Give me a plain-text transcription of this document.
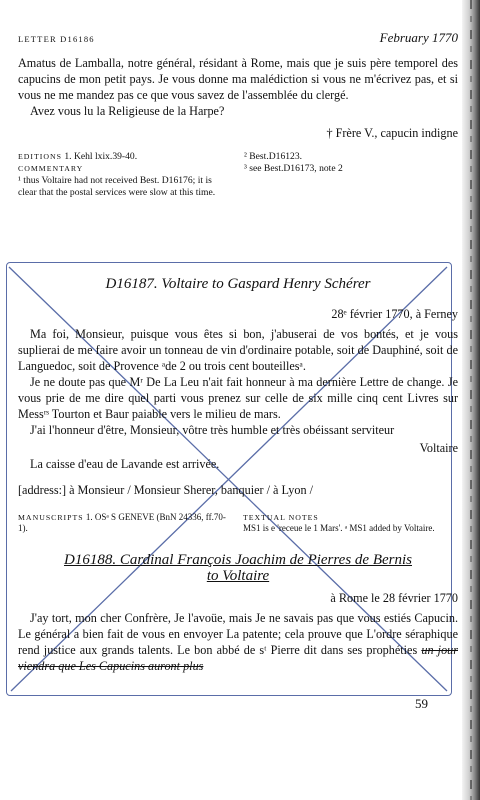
LETTER D16186	February 1770

Amatus de Lamballa, notre général, résidant à Rome, mais que je suis père temporel des capucins de mon petit pays. Je vous donne ma malédiction si vous ne m'écrivez pas, et si vous ne me mandez pas ce que vous savez de l'assemblée du clergé.

Avez vous lu la Religieuse de la Harpe?

† Frère V., capucin indigne

EDITIONS 1. Kehl lxix.39-40.
COMMENTARY
¹ thus Voltaire had not received Best. D16176; it is clear that the postal services were slow at this time.
² Best.D16123.
³ see Best.D16173, note 2
D16187. Voltaire to Gaspard Henry Schérer
28ᵉ février 1770, à Ferney

Ma foi, Monsieur, puisque vous êtes si bon, j'abuserai de vos bontés, et je vous suplierai de me faire avoir un tonneau de vin d'ordinaire potable, soit de Dauphiné, soit de Languedoc, soit de Provence ᵃde 2 ou trois cent bouteillesᵃ.

Je ne doute pas que Mʳ De La Leu n'ait fait honneur à ma dernière Lettre de change. Je vous prie de me dire quel parti vous prenez sur celle de six mille cinq cent Livres sur Messʳˢ Tourton et Baur paiable vers le milieu de mars.

J'ai l'honneur d'être, Monsieur, vôtre très humble et très obéissant serviteur

Voltaire

La caisse d'eau de Lavande est arrivée.

[address:] à Monsieur / Monsieur Sherer, banquier / à Lyon /

MANUSCRIPTS 1. OSᵃ S GENEVE (BnN 24336, ff.70-1).
TEXTUAL NOTES
MS1 is e 'receue le 1 Mars'. ᵃ MS1 added by Voltaire.
D16188. Cardinal François Joachim de Pierres de Bernis
to Voltaire
à Rome le 28 février 1770

J'ay tort, mon cher Confrère, Je l'avoüe, mais Je ne savais pas que vous estiés Capucin. Le général a bien fait de vous en envoyer La patente; cela prouve que L'ordre séraphique rend justice aux grands talents. Le bon abbé de sᵗ Pierre dit dans ses prophéties un jour viendra que Les Capucins auront plus

59
